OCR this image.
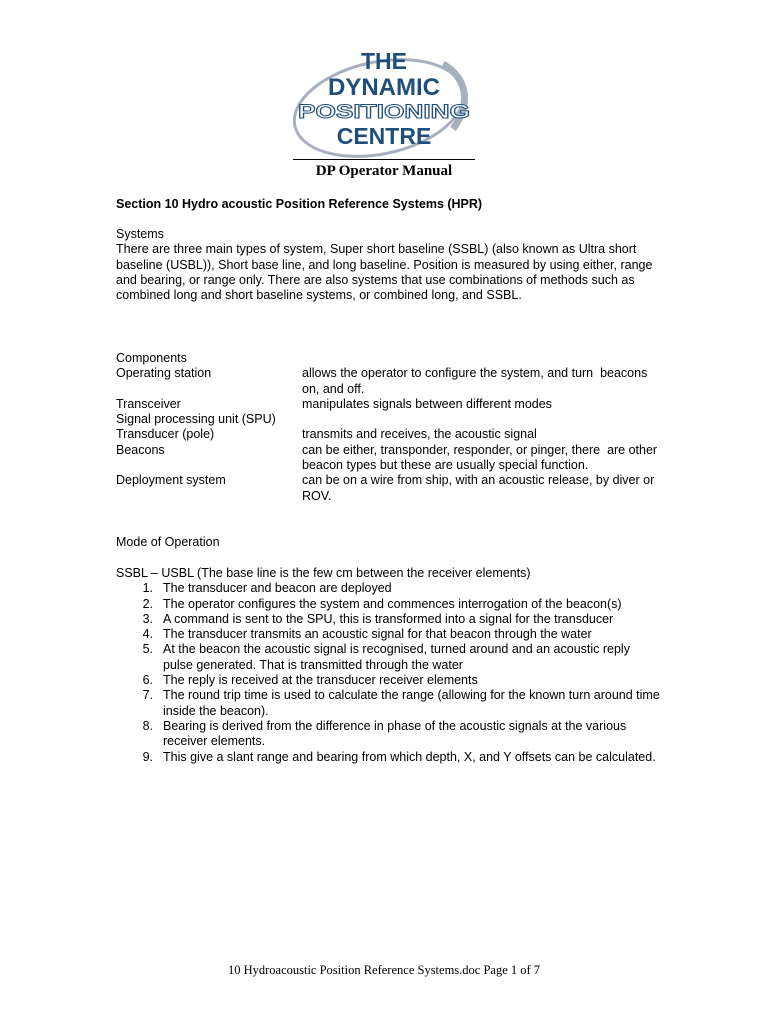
THE
DYNAMIC
POSITIONING
CENTRE
DP Operator Manual
Section 10 Hydro acoustic Position Reference Systems (HPR)

Systems

There are three main types of system, Super short baseline (SSBL) (also known as Ultra short baseline (USBL)), Short base line, and long baseline. Position is measured by using either, range and bearing, or range only. There are also systems that use combinations of methods such as combined long and short baseline systems, or combined long, and SSBL.

Components

Operating station	allows the operator to configure the system, and turn  beacons on, and off.
Transceiver	manipulates signals between different modes
Signal processing unit (SPU)
Transducer (pole)	transmits and receives, the acoustic signal
Beacons	can be either, transponder, responder, or pinger, there  are other beacon types but these are usually special function.
Deployment system	can be on a wire from ship, with an acoustic release, by diver or ROV.
Mode of Operation

SSBL – USBL (The base line is the few cm between the receiver elements)

1. The transducer and beacon are deployed
2. The operator configures the system and commences interrogation of the beacon(s)
3. A command is sent to the SPU, this is transformed into a signal for the transducer
4. The transducer transmits an acoustic signal for that beacon through the water
5. At the beacon the acoustic signal is recognised, turned around and an acoustic reply pulse generated. That is transmitted through the water
6. The reply is received at the transducer receiver elements
7. The round trip time is used to calculate the range (allowing for the known turn around time inside the beacon).
8. Bearing is derived from the difference in phase of the acoustic signals at the various receiver elements.
9. This give a slant range and bearing from which depth, X, and Y offsets can be calculated.
10 Hydroacoustic Position Reference Systems.doc Page 1 of 7
